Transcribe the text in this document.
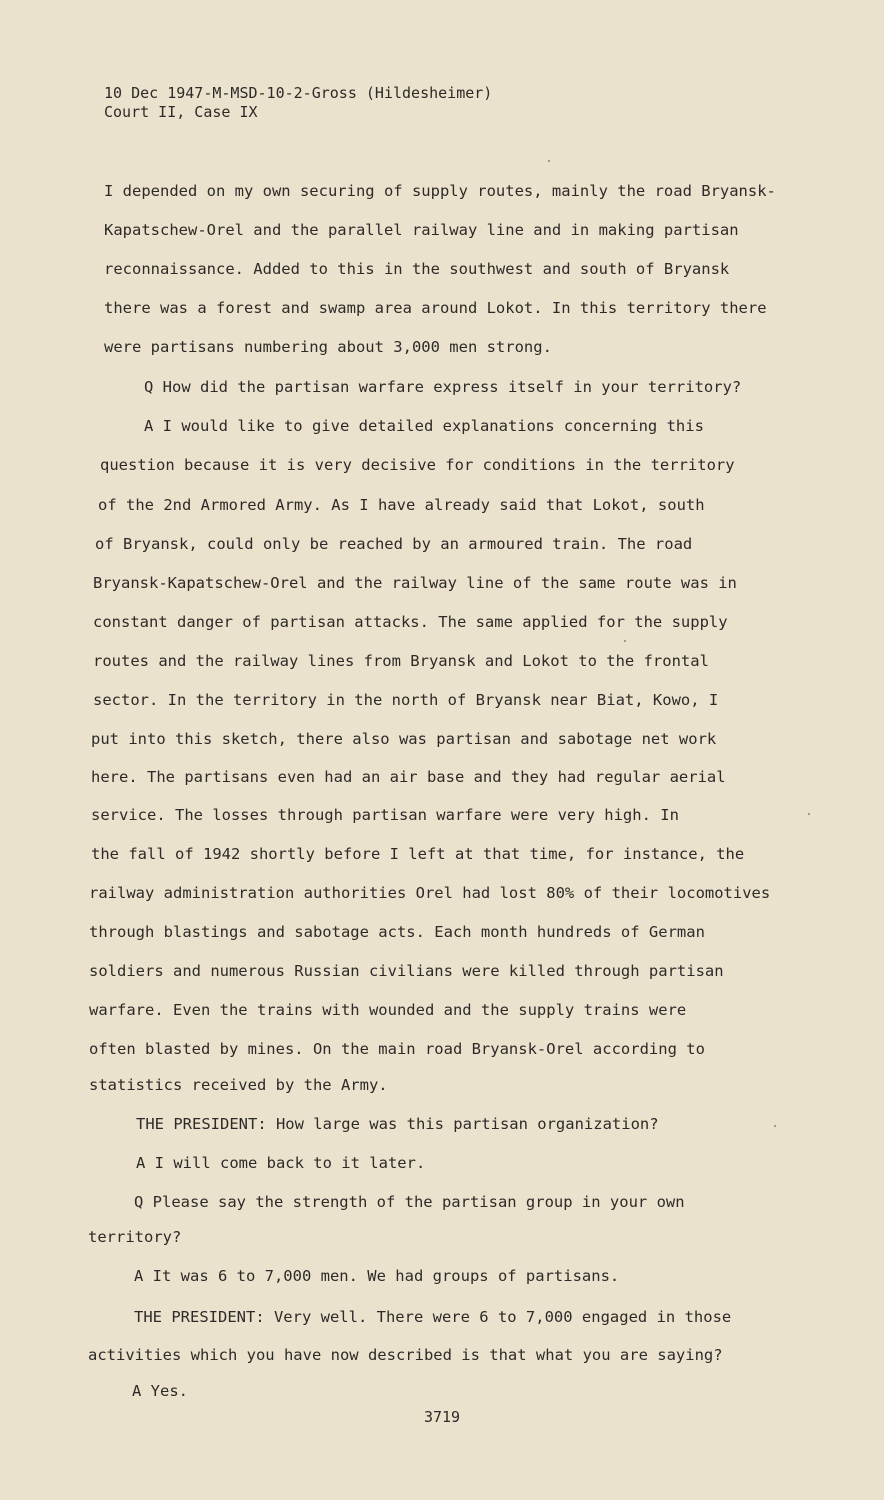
10 Dec 1947-M-MSD-10-2-Gross (Hildesheimer)
Court II, Case IX
I depended on my own securing of supply routes, mainly the road Bryansk-
Kapatschew-Orel and the parallel railway line and in making partisan
reconnaissance. Added to this in the southwest and south of Bryansk
there was a forest and swamp area around Lokot. In this territory there
were partisans numbering about 3,000 men strong.
Q How did the partisan warfare express itself in your territory?
A I would like to give detailed explanations concerning this
question because it is very decisive for conditions in the territory
of the 2nd Armored Army. As I have already said that Lokot, south
of Bryansk, could only be reached by an armoured train. The road
Bryansk-Kapatschew-Orel and the railway line of the same route was in
constant danger of partisan attacks. The same applied for the supply
routes and the railway lines from Bryansk and Lokot to the frontal
sector. In the territory in the north of Bryansk near Biat, Kowo, I
put into this sketch, there also was partisan and sabotage net work
here. The partisans even had an air base and they had regular aerial
service. The losses through partisan warfare were very high. In
the fall of 1942 shortly before I left at that time, for instance, the
railway administration authorities Orel had lost 80% of their locomotives
through blastings and sabotage acts. Each month hundreds of German
soldiers and numerous Russian civilians were killed through partisan
warfare. Even the trains with wounded and the supply trains were
often blasted by mines. On the main road Bryansk-Orel according to
statistics received by the Army.
THE PRESIDENT: How large was this partisan organization?
A I will come back to it later.
Q Please say the strength of the partisan group in your own
territory?
A It was 6 to 7,000 men. We had groups of partisans.
THE PRESIDENT: Very well. There were 6 to 7,000 engaged in those
activities which you have now described is that what you are saying?
A Yes.
3719
